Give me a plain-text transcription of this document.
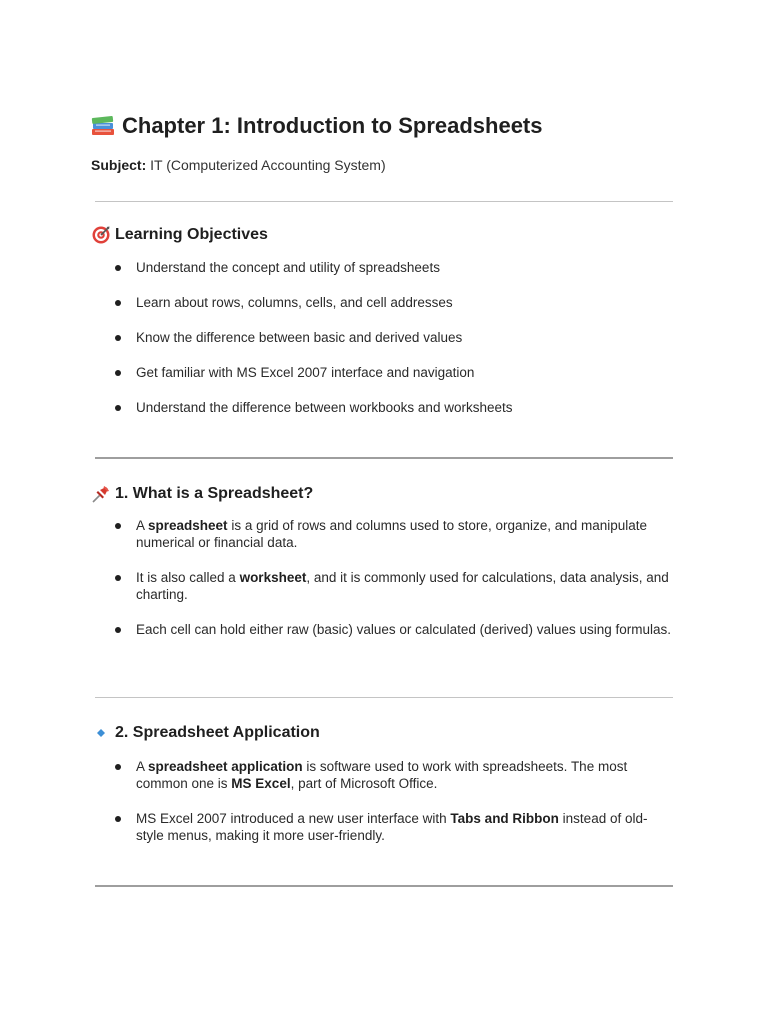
Chapter 1: Introduction to Spreadsheets

Subject: IT (Computerized Accounting System)

Learning Objectives
Understand the concept and utility of spreadsheets
Learn about rows, columns, cells, and cell addresses
Know the difference between basic and derived values
Get familiar with MS Excel 2007 interface and navigation
Understand the difference between workbooks and worksheets
1. What is a Spreadsheet?
A spreadsheet is a grid of rows and columns used to store, organize, and manipulate numerical or financial data.
It is also called a worksheet, and it is commonly used for calculations, data analysis, and charting.
Each cell can hold either raw (basic) values or calculated (derived) values using formulas.
2. Spreadsheet Application
A spreadsheet application is software used to work with spreadsheets. The most common one is MS Excel, part of Microsoft Office.
MS Excel 2007 introduced a new user interface with Tabs and Ribbon instead of old-style menus, making it more user-friendly.
